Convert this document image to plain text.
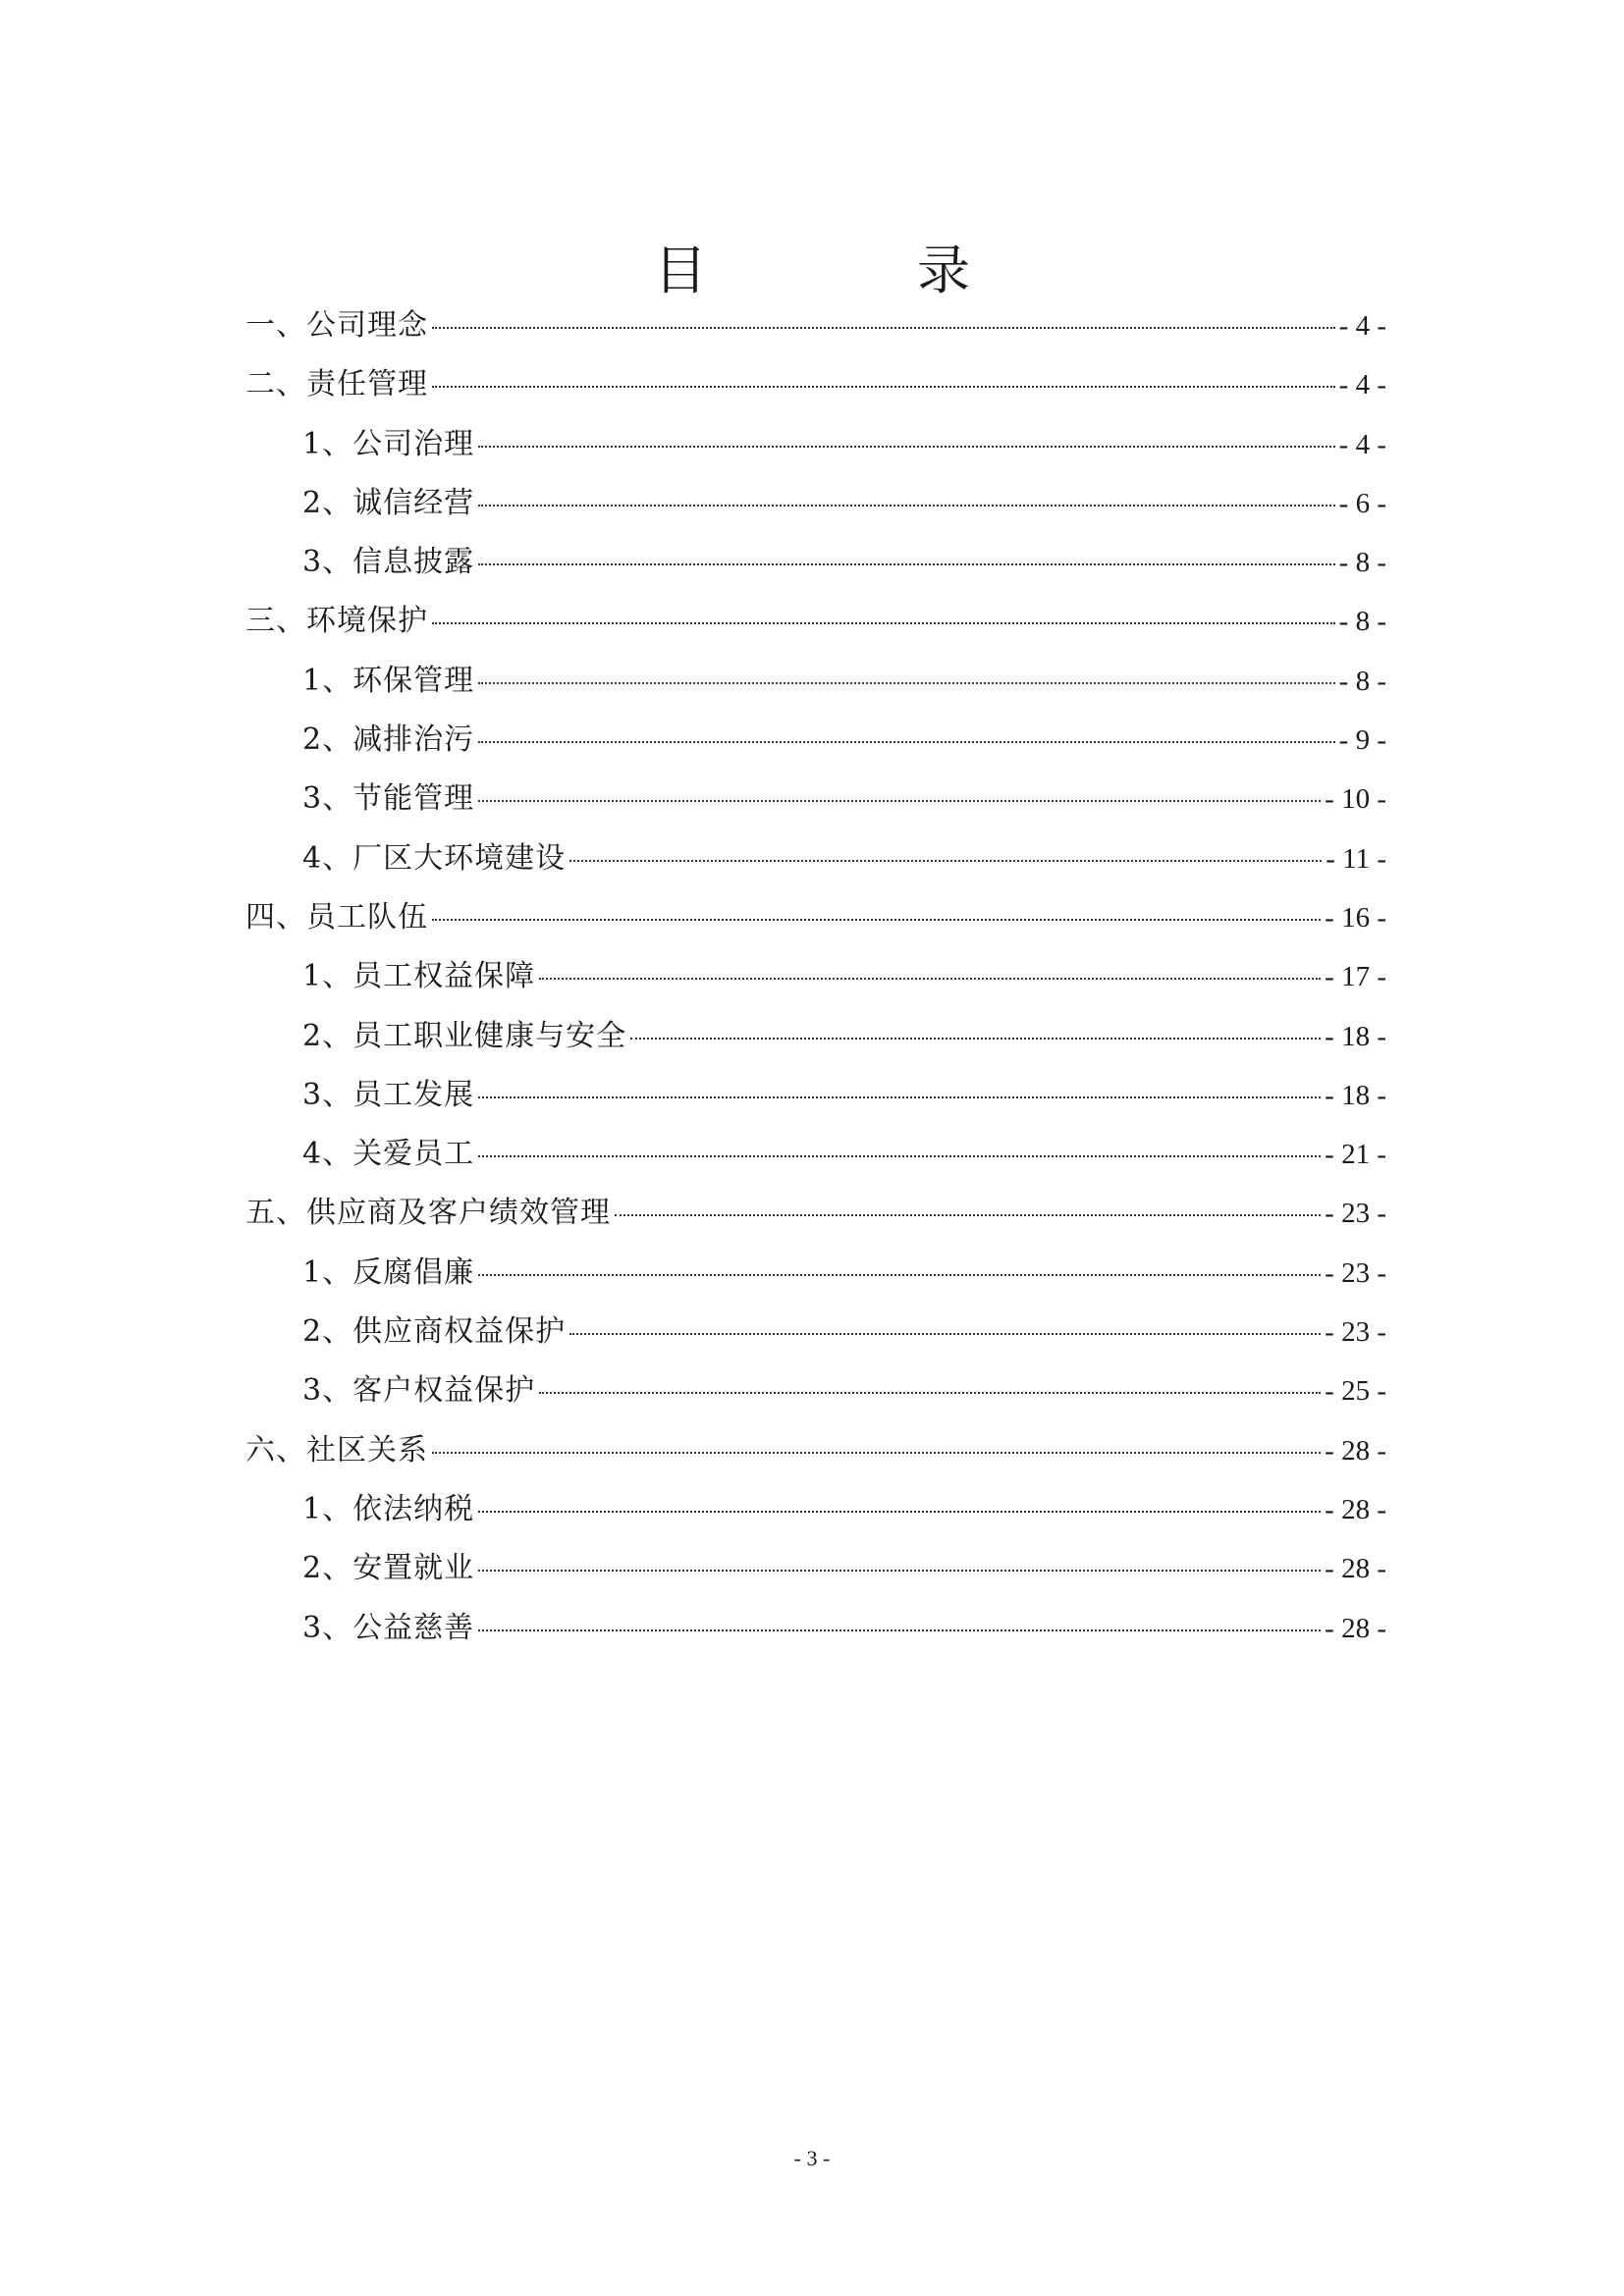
目　录
一、公司理念	- 4 -
二、责任管理	- 4 -
1、公司治理	- 4 -
2、诚信经营	- 6 -
3、信息披露	- 8 -
三、环境保护	- 8 -
1、环保管理	- 8 -
2、减排治污	- 9 -
3、节能管理	- 10 -
4、厂区大环境建设	- 11 -
四、员工队伍	- 16 -
1、员工权益保障	- 17 -
2、员工职业健康与安全	- 18 -
3、员工发展	- 18 -
4、关爱员工	- 21 -
五、供应商及客户绩效管理	- 23 -
1、反腐倡廉	- 23 -
2、供应商权益保护	- 23 -
3、客户权益保护	- 25 -
六、社区关系	- 28 -
1、依法纳税	- 28 -
2、安置就业	- 28 -
3、公益慈善	- 28 -
- 3 -
